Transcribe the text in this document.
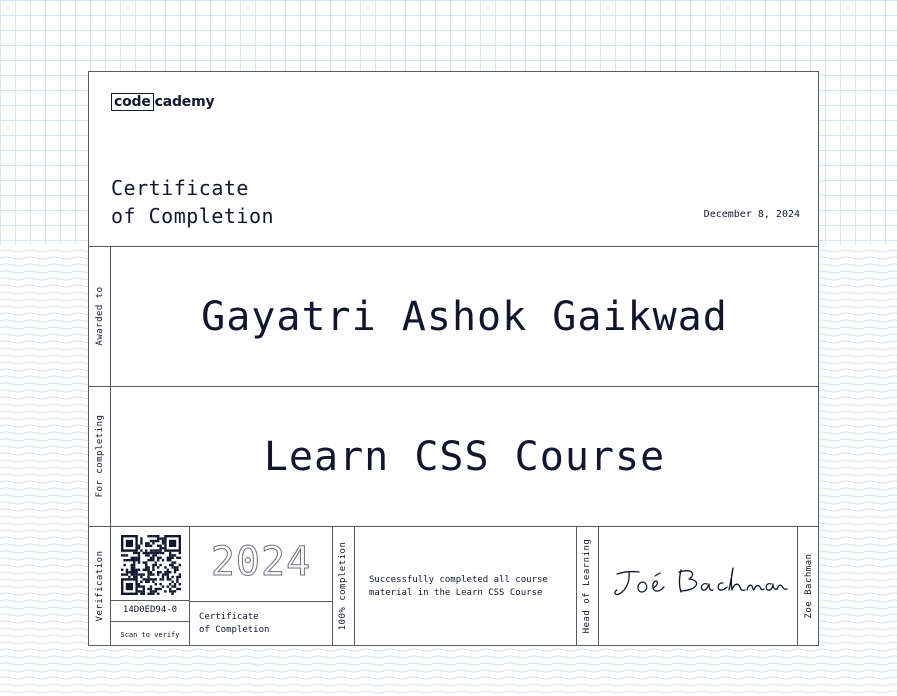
code cademy
Certificate
of Completion	December 8, 2024
Awarded to	Gayatri Ashok Gaikwad
For completing	Learn CSS Course
Verification	14D0ED94-0
Scan to verify
2024
Certificate
of Completion	100% completion Successfully completed all course material in the Learn CSS Course	Head of Learning	Zoe Bachman
